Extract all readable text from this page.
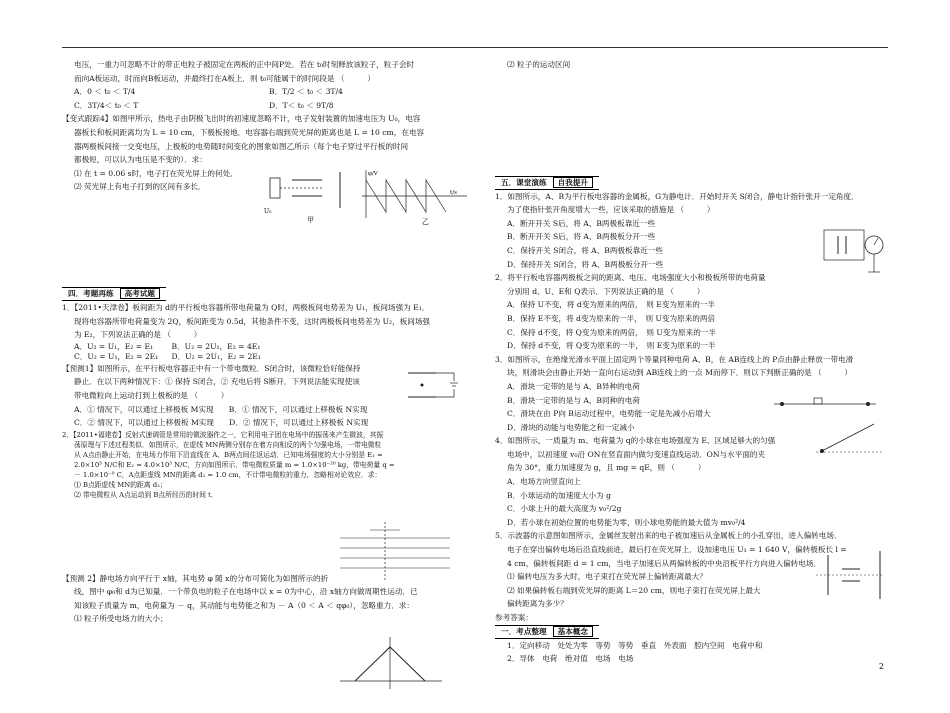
电压，一重力可忽略不计的带正电粒子被固定在两板的正中间P处．若在 t₀时刻释放该粒子，粒子会时

而向A板运动，时而向B板运动，并最终打在A板上．则 t₀可能属于的时间段是 （　　　）

A．0 ＜ t₀ ＜ T/4	B．T/2 ＜ t₀ ＜ 3T/4
C．3T/4＜ t₀ ＜ T	D．T＜ t₀ ＜ 9T/8

【变式跟踪4】如图甲所示，热电子由阴极飞出时的初速度忽略不计，电子发射装置的加速电压为 U₀，电容

器板长和板间距离均为 L = 10 cm，下极板接地．电容器右端到荧光屏的距离也是 L = 10 cm，在电容

器两极板间接一交变电压，上极板的电势随时间变化的图象如图乙所示（每个电子穿过平行板的时间

都极短，可以认为电压是不变的）．求：

⑴ 在 t = 0.06 s时，电子打在荧光屏上的何处．

⑵ 荧光屏上有电子打到的区间有多长．

四．考题再练 高考试题

1．【2011•天津卷】板间距为 d的平行板电容器所带电荷量为 Q时，两极板间电势差为 U₁，板间场强为 E₁．

现将电容器所带电荷量变为 2Q，板间距变为 0.5d，其他条件不变，这时两极板间电势差为 U₂，板间场强

为 E₂，下列说法正确的是 （　　　）

A．U₂ = U₁，E₂ = E₁	B．U₂ = 2U₁，E₂ = 4E₁
C．U₂ = U₁，E₂ = 2E₁	D．U₂ = 2U₁，E₂ = 2E₁

【预测1】如图所示，在平行板电容器正中有一个带电微粒．S闭合时，该微粒恰好能保持

静止．在以下两种情况下：① 保持 S闭合，② 充电后将 S断开．下列说法能实现使该

带电微粒向上运动打到上极板的是 （　　　）

A．① 情况下，可以通过上移极板 M实现　　B．① 情况下，可以通过上移极板 N实现

C．② 情况下，可以通过上移极板 M实现　　D．② 情况下，可以通过上移极板 N实现

2．【2011•福建卷】反射式速调管是常用的微波器件之一，它利用电子团在电场中的振荡来产生微波，其振

荡原理与下述过程类似．如图所示，在虚线 MN两侧分别存在着方向相反的两个匀强电场，一带电微粒

从 A点由静止开始，在电场力作用下沿直线在 A、B两点间往返运动．已知电场强度的大小分别是 E₁ =

2.0×10³ N/C和 E₂ = 4.0×10³ N/C，方向如图所示．带电微粒质量 m = 1.0×10⁻²⁰ kg，带电荷量 q =

－ 1.0×10⁻⁹ C，A点距虚线 MN的距离 d₁ = 1.0 cm，不计带电微粒的重力，忽略相对论效应．求：

⑴ B点距虚线 MN的距离 d₂；

⑵ 带电微粒从 A点运动到 B点所经历的时间 t．

【预测 2】静电场方向平行于 x轴，其电势 φ 随 x的分布可简化为如图所示的折

线，图中 φ₀和 d为已知量．一个带负电的粒子在电场中以 x = 0为中心，沿 x轴方向做周期性运动．已

知该粒子质量为 m，电荷量为 － q，其动能与电势能之和为 － A（0 ＜ A ＜ qφ₀），忽略重力．求：

⑴ 粒子所受电场力的大小；

U₀
甲
t/s
φ/V
乙

⑵ 粒子的运动区间

五．课堂演练 自我提升

1．如图所示，A、B为平行板电容器的金属板，G为静电计．开始时开关 S闭合，静电计指针张开一定角度．

为了使指针张开角度增大一些，应该采取的措施是 （　　　）

A．断开开关 S后，将 A、B两极板靠近一些

B．断开开关 S后，将 A、B两极板分开一些

C．保持开关 S闭合，将 A、B两极板靠近一些

D．保持开关 S闭合，将 A、B两极板分开一些

2．将平行板电容器两极板之间的距离、电压、电场强度大小和极板所带的电荷量

分别用 d、U、E和 Q表示．下列说法正确的是 （　　　）

A．保持 U不变，将 d变为原来的两倍，　则 E变为原来的一半

B．保持 E不变，将 d变为原来的一半，　则 U变为原来的两倍

C．保持 d不变，将 Q变为原来的两倍，　则 U变为原来的一半

D．保持 d不变，将 Q变为原来的一半，　则 E变为原来的一半

3．如图所示，在绝缘光滑水平面上固定两个等量同种电荷 A、B，在 AB连线上的 P点由静止释放一带电滑

块，则滑块会由静止开始一直向右运动到 AB连线上的一点 M而停下．则以下判断正确的是 （　　　）

A．滑块一定带的是与 A、B异种的电荷

B．滑块一定带的是与 A、B同种的电荷

C．滑块在由 P向 B运动过程中，电势能一定是先减小后增大

D．滑块的动能与电势能之和一定减小

4．如图所示，一质量为 m、电荷量为 q的小球在电场强度为 E、区域足够大的匀强

电场中，以初速度 v₀沿 ON在竖直面内做匀变速直线运动．ON与水平面的夹

角为 30°，重力加速度为 g，且 mg = qE，则 （　　　）

A．电场方向竖直向上

B．小球运动的加速度大小为 g

C．小球上升的最大高度为 v₀²/2g

D．若小球在初始位置的电势能为零，则小球电势能的最大值为 mv₀²/4

5．示波器的示意图如图所示，金属丝发射出来的电子被加速后从金属板上的小孔穿出，进入偏转电场．

电子在穿出偏转电场后沿直线前进，最后打在荧光屏上．设加速电压 U₁ = 1 640 V，偏转极板长 l =

4 cm，偏转板间距 d = 1 cm，当电子加速后从两偏转板的中央沿板平行方向进入偏转电场．

⑴ 偏转电压为多大时，电子束打在荧光屏上偏转距离最大？

⑵ 如果偏转板右端到荧光屏的距离 L＝20 cm，则电子束打在荧光屏上最大

偏转距离为多少？

参考答案：

一．考点整理 基本概念

1．定向移动　处处为零　等势　等势　垂直　外表面　腔内空间　电荷中和

2．导体　电荷　绝对值　电场　电场

2
